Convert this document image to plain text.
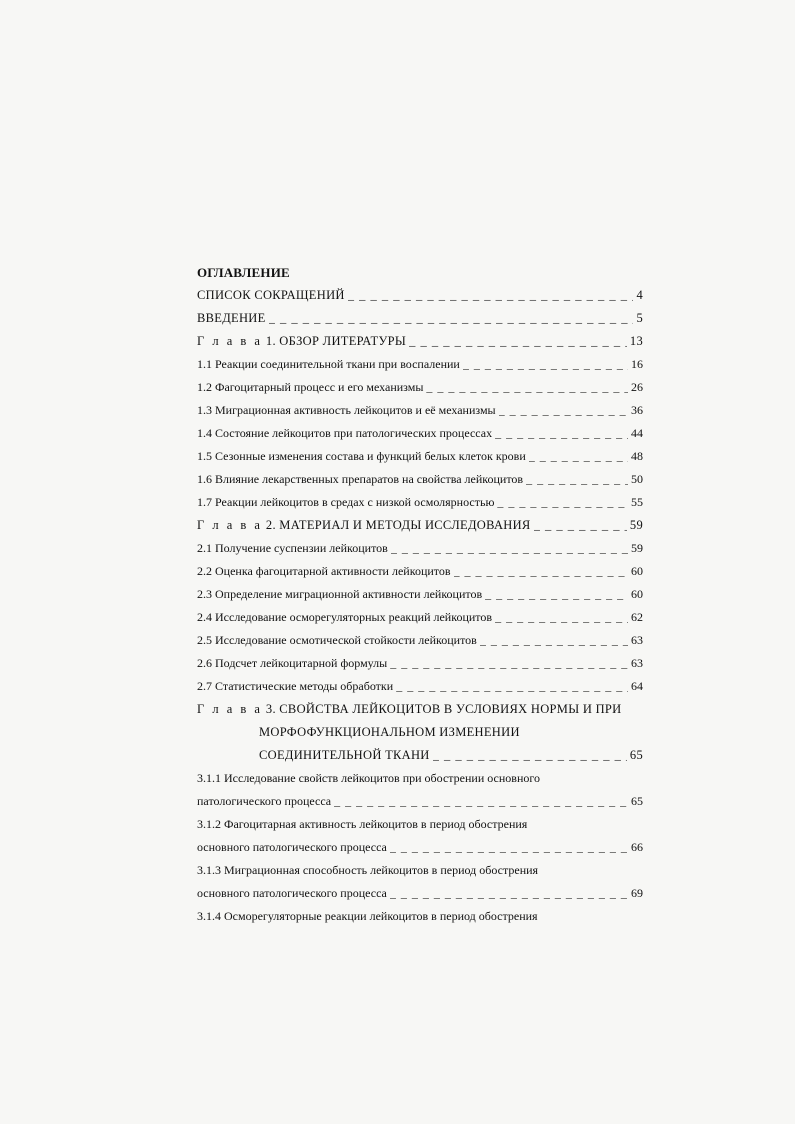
ОГЛАВЛЕНИЕ
СПИСОК СОКРАЩЕНИЙ _ _ _	4
ВВЕДЕНИЕ _ _ _	5
Г л а в а 1. ОБЗОР ЛИТЕРАТУРЫ _ _ _	13
1.1 Реакции соединительной ткани при воспалении _ _ _	16
1.2 Фагоцитарный процесс и его механизмы _ _ _	26
1.3 Миграционная активность лейкоцитов и её механизмы _ _ _	36
1.4 Состояние лейкоцитов при патологических процессах _ _ _	44
1.5 Сезонные изменения состава и функций белых клеток крови _ _ _	48
1.6 Влияние лекарственных препаратов на свойства лейкоцитов _ _ _	50
1.7 Реакции лейкоцитов в средах с низкой осмолярностью _ _ _	55
Г л а в а 2. МАТЕРИАЛ И МЕТОДЫ ИССЛЕДОВАНИЯ _ _ _	59
2.1 Получение суспензии лейкоцитов _ _ _	59
2.2 Оценка фагоцитарной активности лейкоцитов _ _ _	60
2.3 Определение миграционной активности лейкоцитов _ _ _	60
2.4 Исследование осморегуляторных реакций лейкоцитов _ _ _	62
2.5 Исследование осмотической стойкости лейкоцитов _ _ _	63
2.6 Подсчет лейкоцитарной формулы _ _ _	63
2.7 Статистические методы обработки _ _ _	64
Г л а в а 3. СВОЙСТВА ЛЕЙКОЦИТОВ В УСЛОВИЯХ НОРМЫ И ПРИ
МОРФОФУНКЦИОНАЛЬНОМ ИЗМЕНЕНИИ
СОЕДИНИТЕЛЬНОЙ ТКАНИ _ _ _	65
3.1.1 Исследование свойств лейкоцитов при обострении основного
патологического процесса _ _ _	65
3.1.2 Фагоцитарная активность лейкоцитов в период обострения
основного патологического процесса _ _ _	66
3.1.3 Миграционная способность лейкоцитов в период обострения
основного патологического процесса _ _ _	69
3.1.4 Осморегуляторные реакции лейкоцитов в период обострения
